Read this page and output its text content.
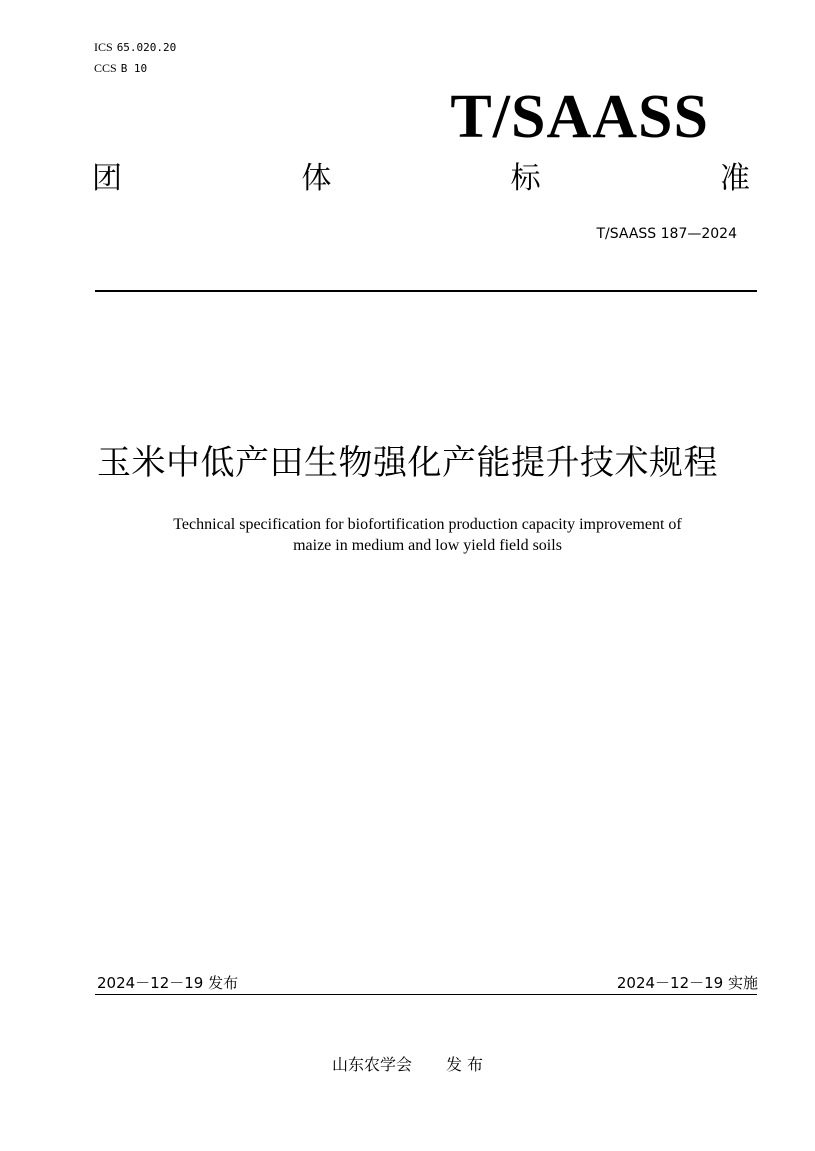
ICS 65.020.20
CCS B 10
T/SAASS
团	体	标	准
T/SAASS 187—2024
玉米中低产田生物强化产能提升技术规程
Technical specification for biofortification production capacity improvement of
maize in medium and low yield field soils
2024－12－19 发布	2024－12－19 实施
山东农学会 发 布
